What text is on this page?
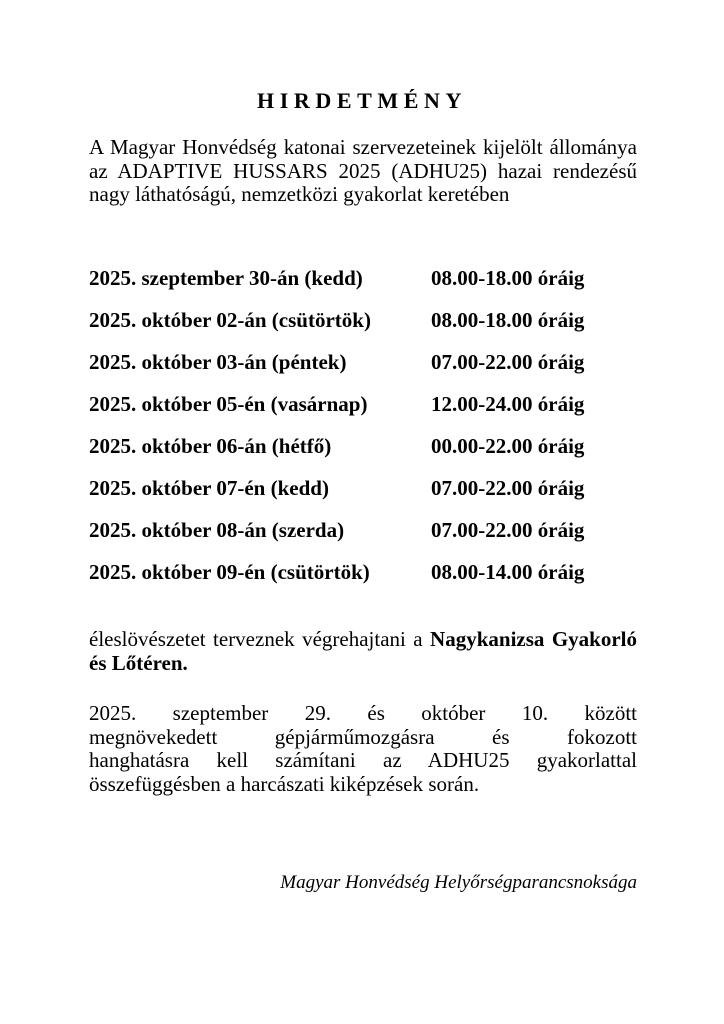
HIRDETMÉNY
A Magyar Honvédség katonai szervezeteinek kijelölt állománya az ADAPTIVE HUSSARS 2025 (ADHU25) hazai rendezésű nagy láthatóságú, nemzetközi gyakorlat keretében
2025. szeptember 30-án (kedd)	08.00-18.00 óráig
2025. október 02-án (csütörtök)	08.00-18.00 óráig
2025. október 03-án (péntek)	07.00-22.00 óráig
2025. október 05-én (vasárnap)	12.00-24.00 óráig
2025. október 06-án (hétfő)	00.00-22.00 óráig
2025. október 07-én (kedd)	07.00-22.00 óráig
2025. október 08-án (szerda)	07.00-22.00 óráig
2025. október 09-én (csütörtök)	08.00-14.00 óráig
éleslövészetet terveznek végrehajtani a Nagykanizsa Gyakorló és Lőtéren.
2025. szeptember 29. és október 10. között
megnövekedett gépjárműmozgásra és fokozott
hanghatásra kell számítani az ADHU25 gyakorlattal
összefüggésben a harcászati kiképzések során.
Magyar Honvédség Helyőrségparancsnoksága
